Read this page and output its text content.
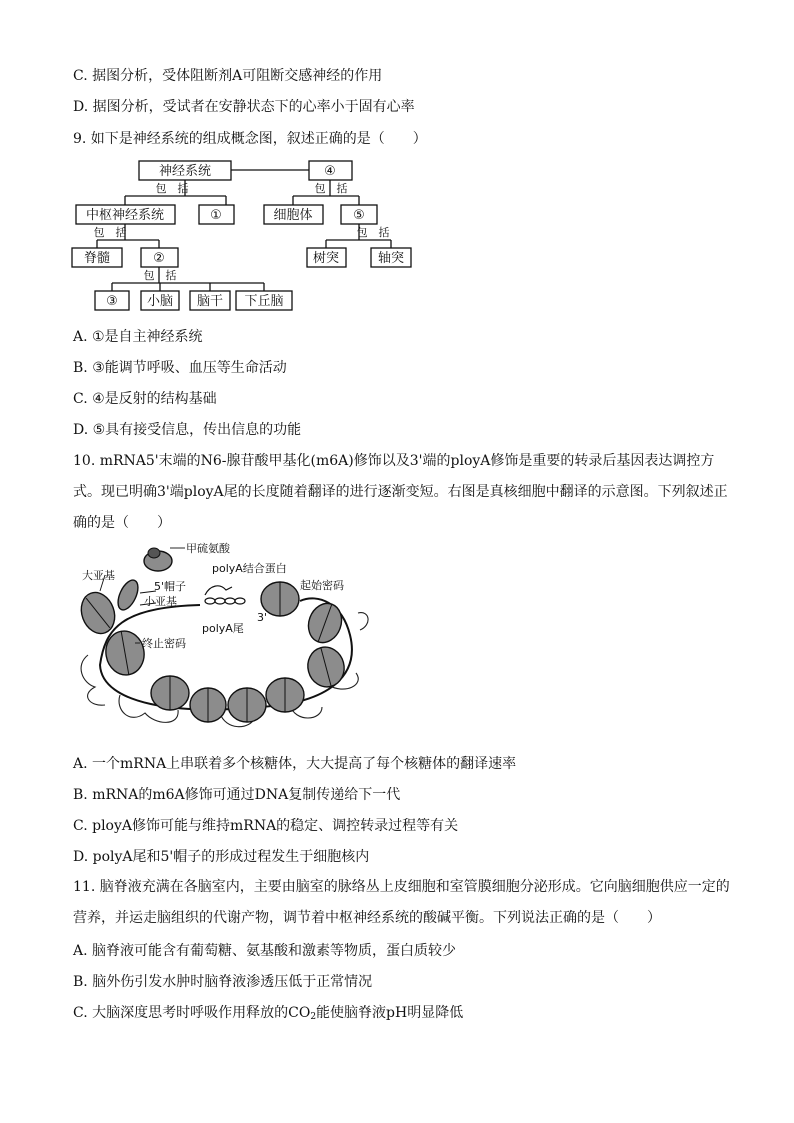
C. 据图分析，受体阻断剂A可阻断交感神经的作用
D. 据图分析，受试者在安静状态下的心率小于固有心率
9. 如下是神经系统的组成概念图，叙述正确的是（　　）
神经系统	④
中枢神经系统	①	细胞体	⑤
脊髓	②	树突	轴突
③ 小脑 脑干 下丘脑
包　括	包　括
包　括	包　括
包　括
A. ①是自主神经系统
B. ③能调节呼吸、血压等生命活动
C. ④是反射的结构基础
D. ⑤具有接受信息，传出信息的功能
10. mRNA5'末端的N6-腺苷酸甲基化(m6A)修饰以及3'端的ployA修饰是重要的转录后基因表达调控方式。现已明确3'端ployA尾的长度随着翻译的进行逐渐变短。右图是真核细胞中翻译的示意图。下列叙述正确的是（　　）
甲硫氨酸
大亚基
5'帽子
小亚基
polyA结合蛋白
3'
polyA尾
起始密码
终止密码
A. 一个mRNA上串联着多个核糖体，大大提高了每个核糖体的翻译速率
B. mRNA的m6A修饰可通过DNA复制传递给下一代
C. ployA修饰可能与维持mRNA的稳定、调控转录过程等有关
D. polyA尾和5'帽子的形成过程发生于细胞核内
11. 脑脊液充满在各脑室内，主要由脑室的脉络丛上皮细胞和室管膜细胞分泌形成。它向脑细胞供应一定的营养，并运走脑组织的代谢产物，调节着中枢神经系统的酸碱平衡。下列说法正确的是（　　）
A. 脑脊液可能含有葡萄糖、氨基酸和激素等物质，蛋白质较少
B. 脑外伤引发水肿时脑脊液渗透压低于正常情况
C. 大脑深度思考时呼吸作用释放的$CO_2$能使脑脊液pH明显降低
